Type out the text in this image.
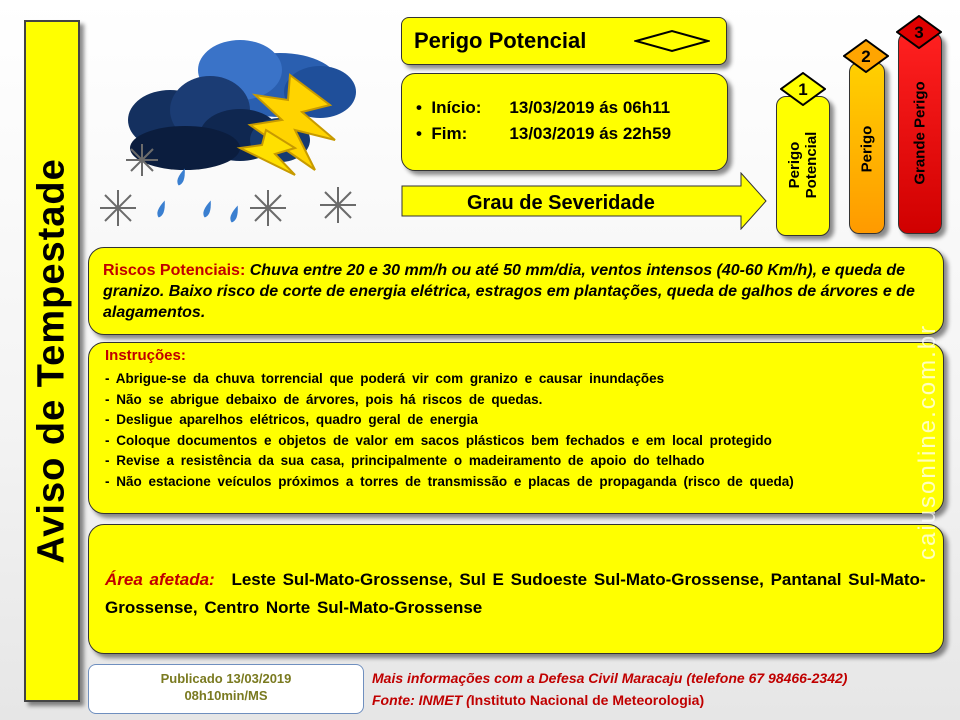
Aviso de Tempestade
Perigo Potencial
•  Início: 13/03/2019 ás 06h11
•  Fim: 13/03/2019 ás 22h59
Grau de Severidade
Perigo Potencial
1
Perigo
2
Grande Perigo
3
Riscos Potenciais: Chuva entre 20 e 30 mm/h ou até 50 mm/dia, ventos intensos (40-60 Km/h), e queda de granizo. Baixo risco de corte de energia elétrica, estragos em plantações, queda de galhos de árvores e de alagamentos.
Instruções:
- Abrigue-se da chuva torrencial que poderá vir com granizo e causar inundações
- Não se abrigue debaixo de árvores, pois há riscos de quedas.
- Desligue aparelhos elétricos, quadro geral de energia
- Coloque documentos e objetos de valor em sacos plásticos bem fechados e em local protegido
- Revise a resistência da sua casa, principalmente o madeiramento de apoio do telhado
- Não estacione veículos próximos a torres de transmissão e placas de propaganda (risco de queda)
Área afetada: Leste Sul-Mato-Grossense, Sul E Sudoeste Sul-Mato-Grossense, Pantanal Sul-Mato-Grossense, Centro Norte Sul-Mato-Grossense
Publicado 13/03/2019
08h10min/MS
Mais informações com a Defesa Civil Maracaju (telefone 67 98466-2342)
Fonte: INMET (Instituto Nacional de Meteorologia)
caiusonline.com.br
